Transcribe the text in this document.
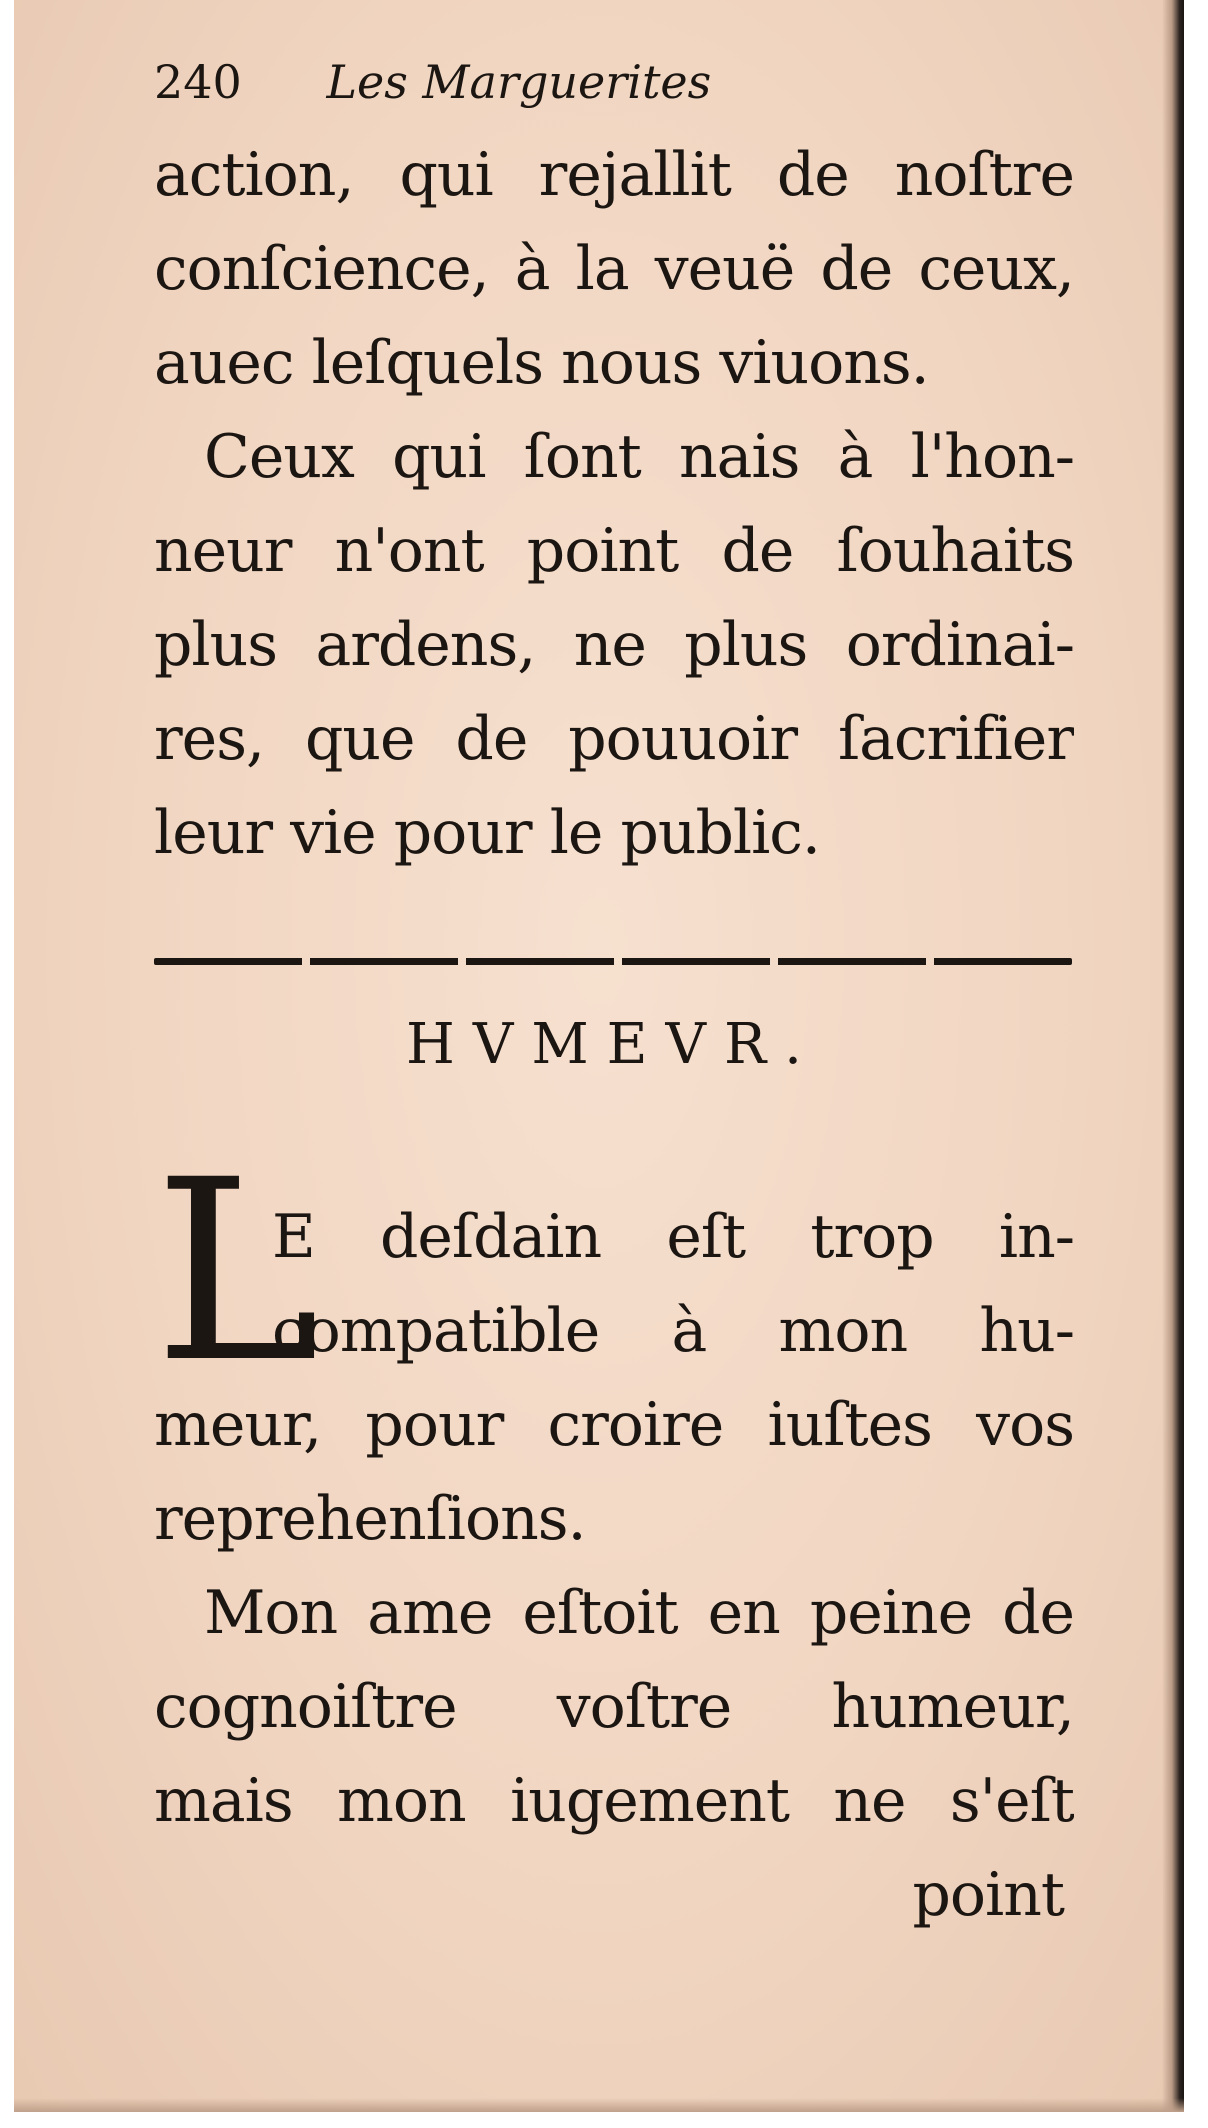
240 Les Marguerites
action, qui rejallit de noſtre
conſcience, à la veuë de ceux,
auec leſquels nous viuons.
Ceux qui ſont nais à l'hon-
neur n'ont point de ſouhaits
plus ardens, ne plus ordinai-
res, que de pouuoir ſacrifier
leur vie pour le public.
HVMEVR.
L
E deſdain eſt trop in-
compatible à mon hu-
meur, pour croire iuſtes vos
reprehenſions.
Mon ame eſtoit en peine de
cognoiſtre voſtre humeur,
mais mon iugement ne s'eſt
point
